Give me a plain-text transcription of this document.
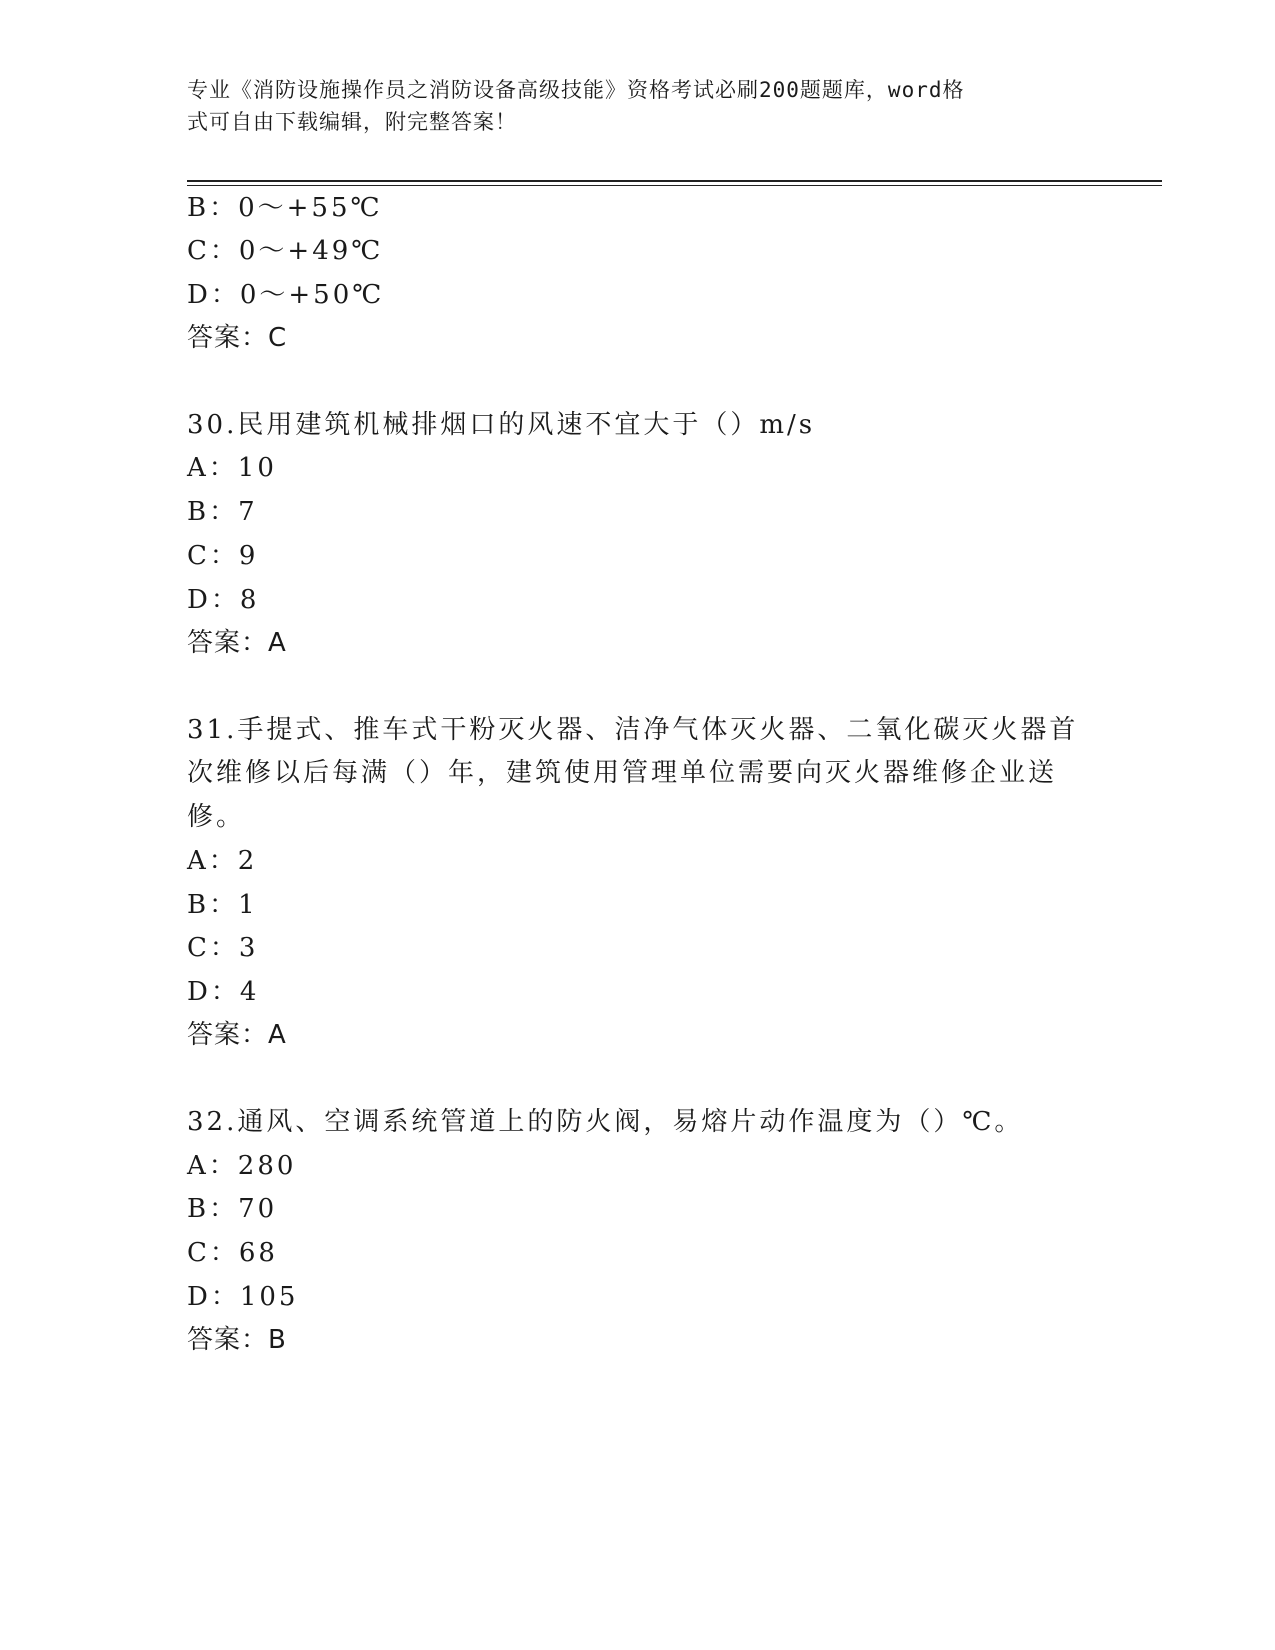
专业《消防设施操作员之消防设备高级技能》资格考试必刷200题题库，word格
式可自由下载编辑，附完整答案！
B：0～+55℃
C：0～+49℃
D：0～+50℃
答案：C
30.民用建筑机械排烟口的风速不宜大于（）m/s
A：10
B：7
C：9
D：8
答案：A
31.手提式、推车式干粉灭火器、洁净气体灭火器、二氧化碳灭火器首
次维修以后每满（）年，建筑使用管理单位需要向灭火器维修企业送
修。
A：2
B：1
C：3
D：4
答案：A
32.通风、空调系统管道上的防火阀，易熔片动作温度为（）℃。
A：280
B：70
C：68
D：105
答案：B
